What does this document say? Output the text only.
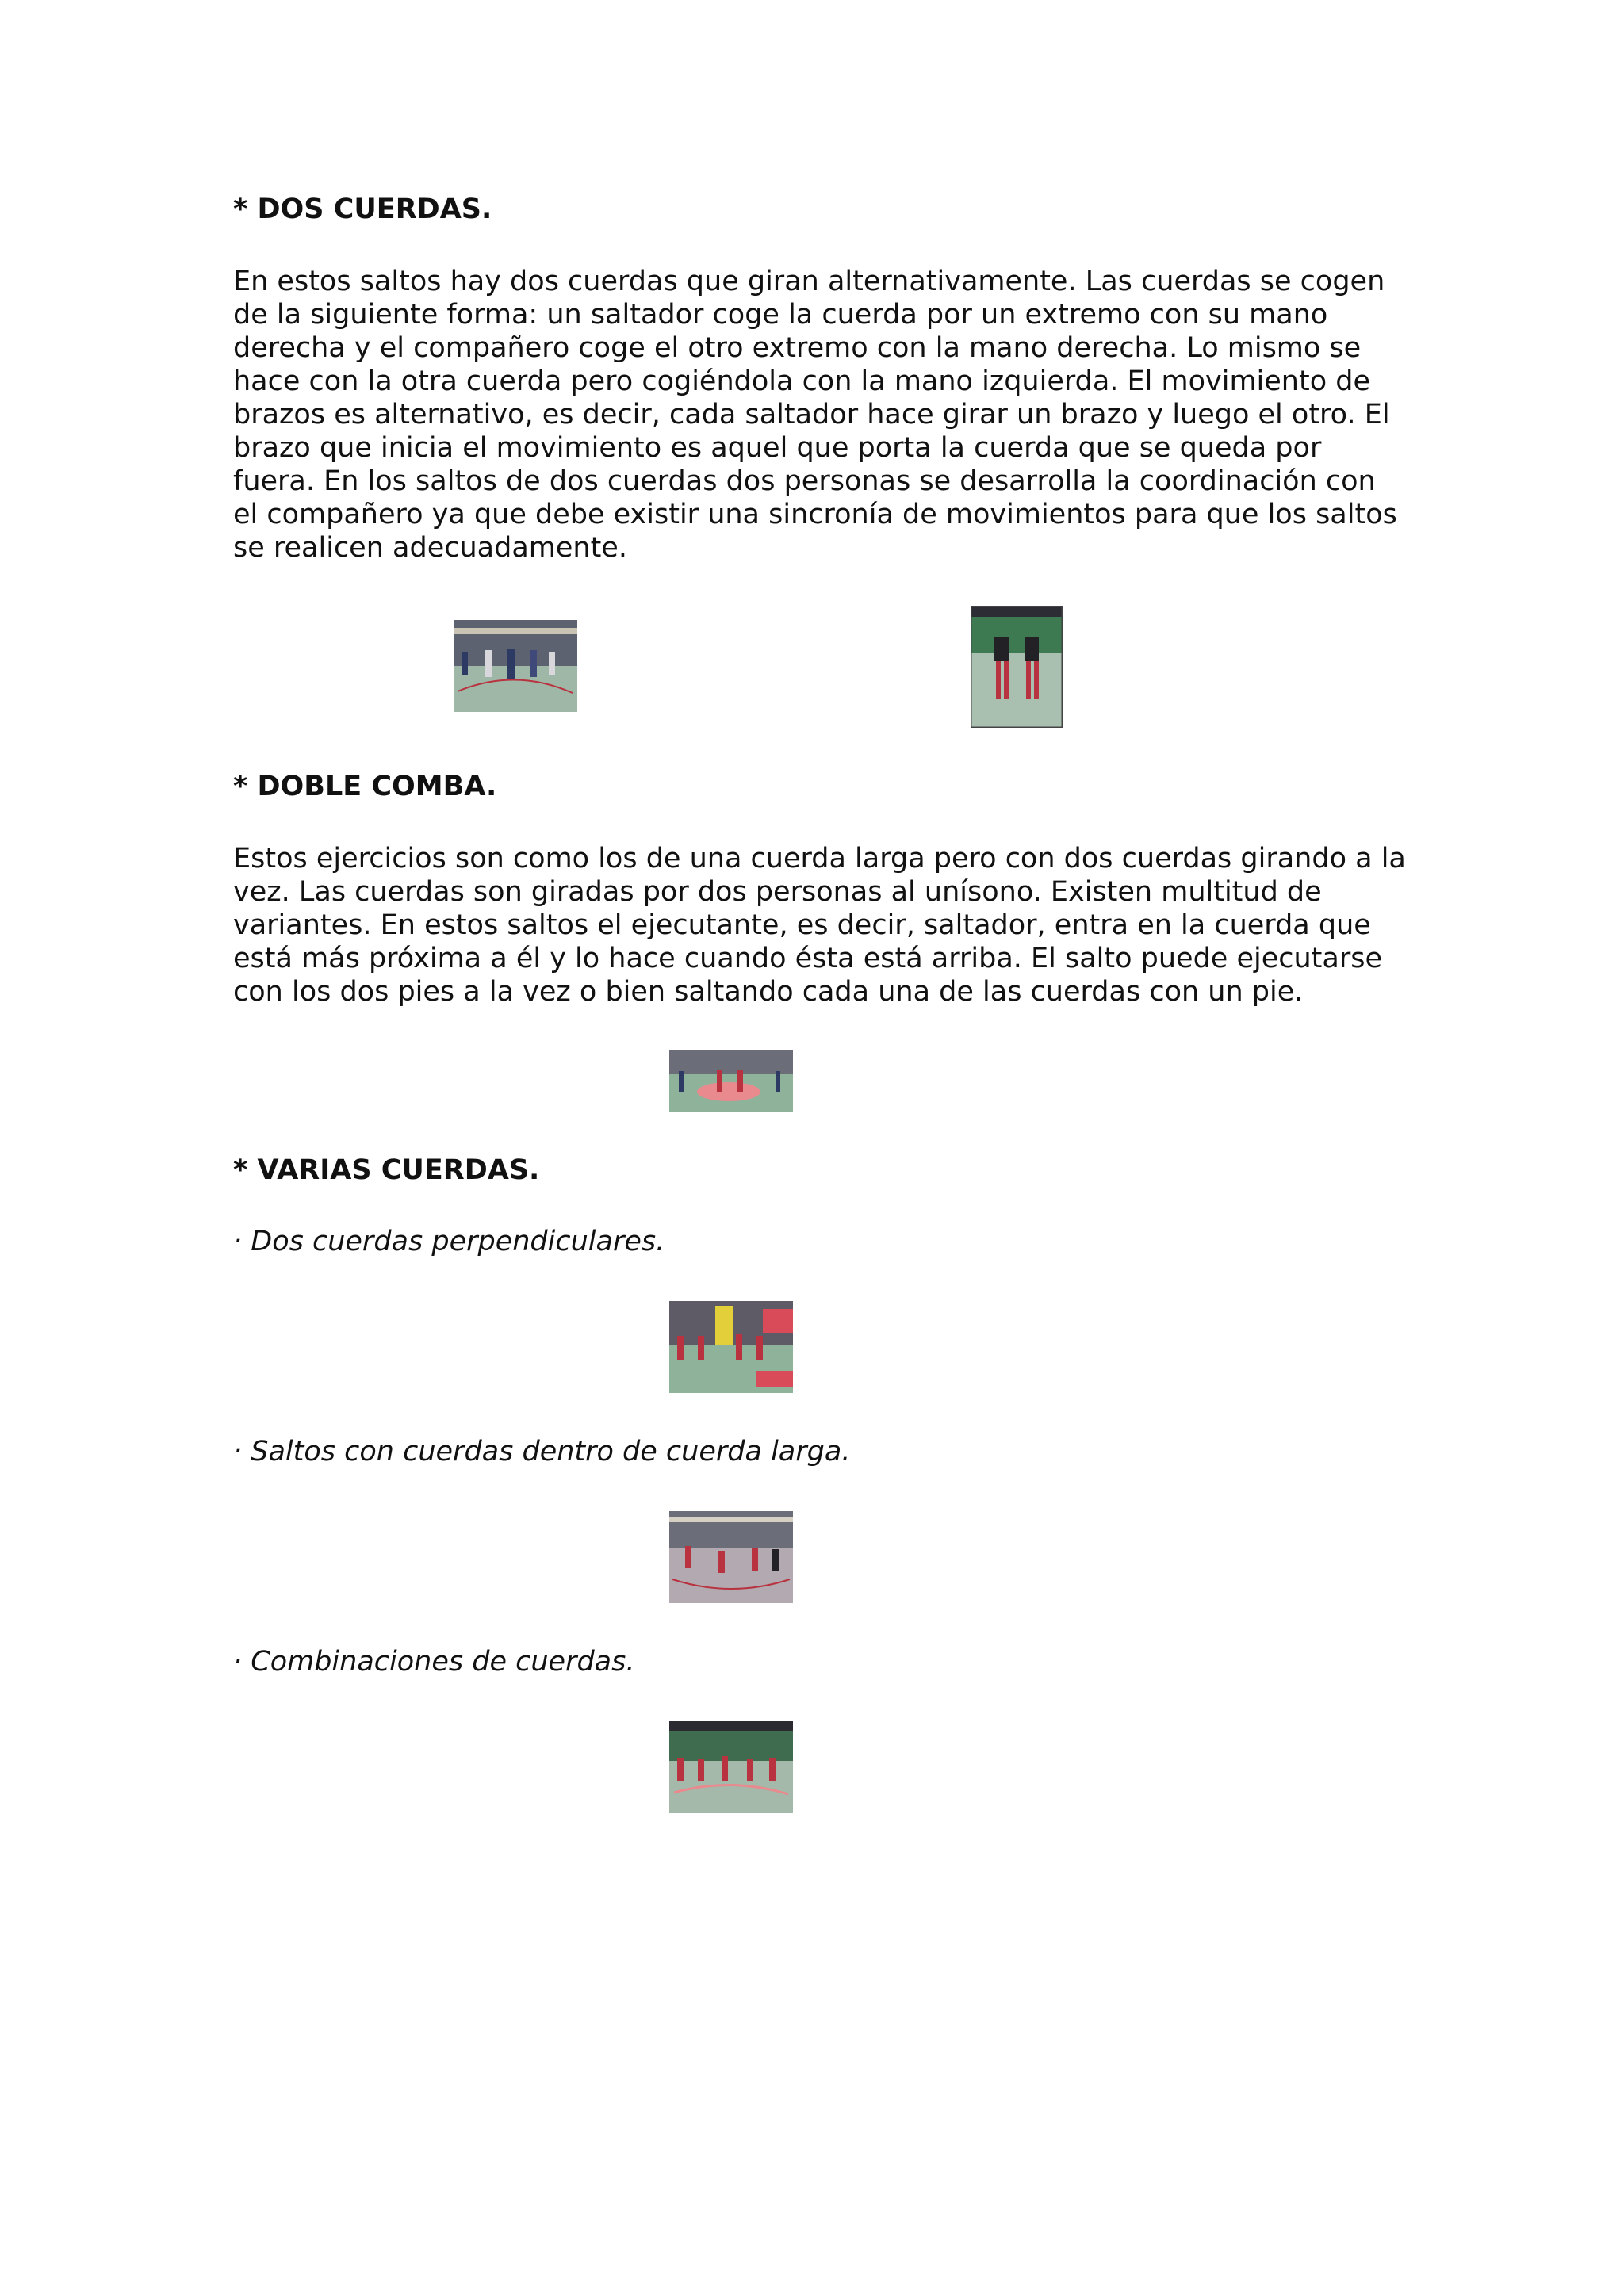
* DOS CUERDAS.
En estos saltos hay dos cuerdas que giran alternativamente. Las cuerdas se cogen
de la siguiente forma: un saltador coge la cuerda por un extremo con su mano
derecha y el compañero coge el otro extremo con la mano derecha. Lo mismo se
hace con la otra cuerda pero cogiéndola con la mano izquierda. El movimiento de
brazos es alternativo, es decir, cada saltador hace girar un brazo y luego el otro. El
brazo que inicia el movimiento es aquel que porta la cuerda que se queda por
fuera. En los saltos de dos cuerdas dos personas se desarrolla la coordinación con
el compañero ya que debe existir una sincronía de movimientos para que los saltos
se realicen adecuadamente.
* DOBLE COMBA.
Estos ejercicios son como los de una cuerda larga pero con dos cuerdas girando a la
vez. Las cuerdas son giradas por dos personas al unísono. Existen multitud de
variantes. En estos saltos el ejecutante, es decir, saltador, entra en la cuerda que
está más próxima a él y lo hace cuando ésta está arriba. El salto puede ejecutarse
con los dos pies a la vez o bien saltando cada una de las cuerdas con un pie.
* VARIAS CUERDAS.
· Dos cuerdas perpendiculares.
· Saltos con cuerdas dentro de cuerda larga.
· Combinaciones de cuerdas.
